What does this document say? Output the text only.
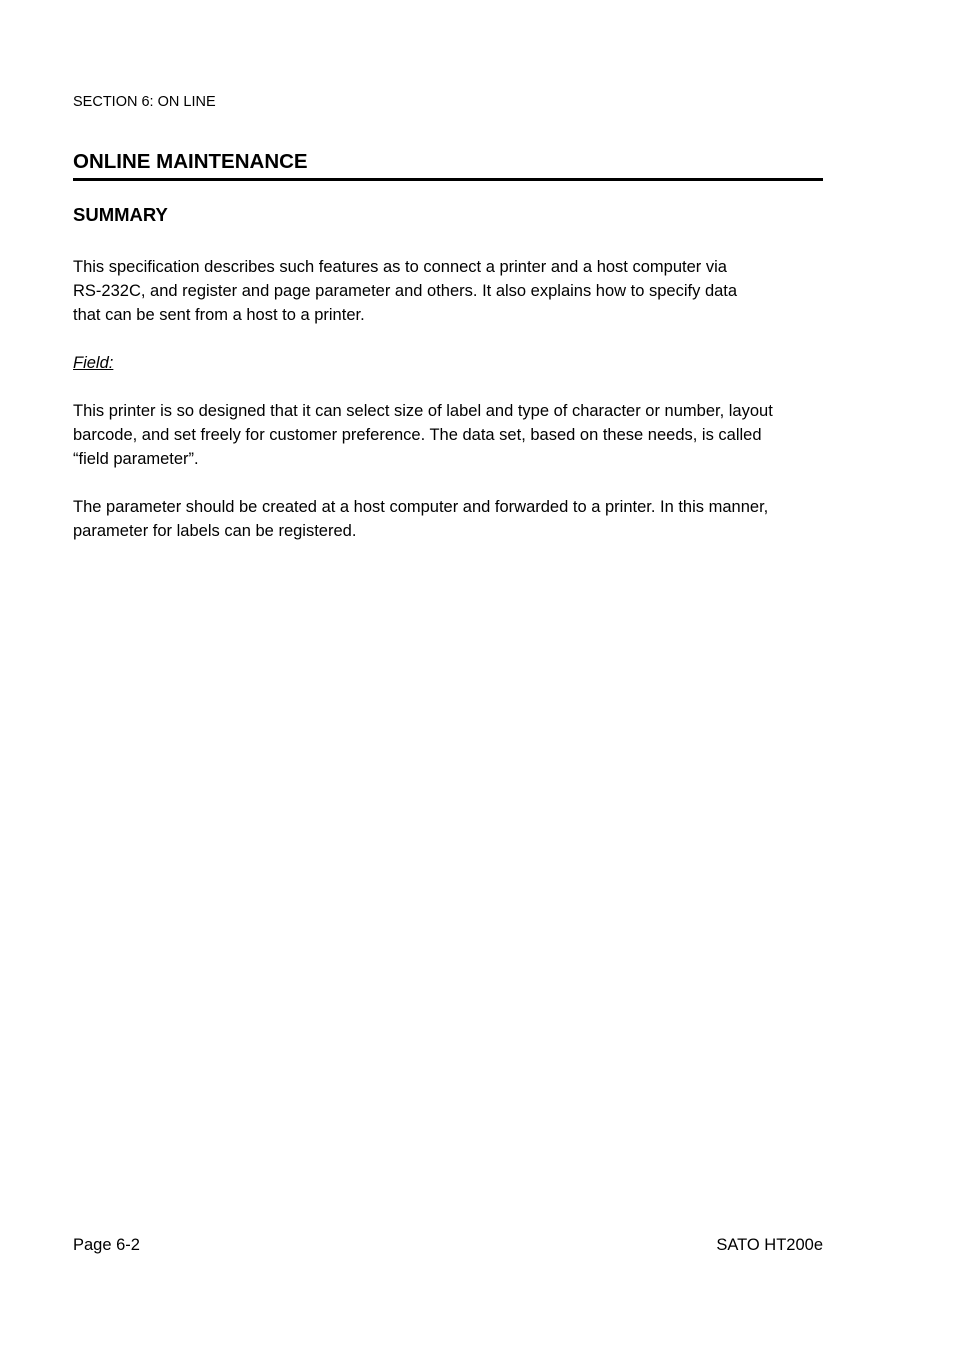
SECTION 6: ON LINE
ONLINE MAINTENANCE
SUMMARY

This specification describes such features as to connect a printer and a host computer via
RS-232C, and register and page parameter and others. It also explains how to specify data
that can be sent from a host to a printer.

Field:

This printer is so designed that it can select size of label and type of character or number, layout
barcode, and set freely for customer preference. The data set, based on these needs, is called
“field parameter”.

The parameter should be created at a host computer and forwarded to a printer. In this manner,
parameter for labels can be registered.

Page 6-2	SATO HT200e
